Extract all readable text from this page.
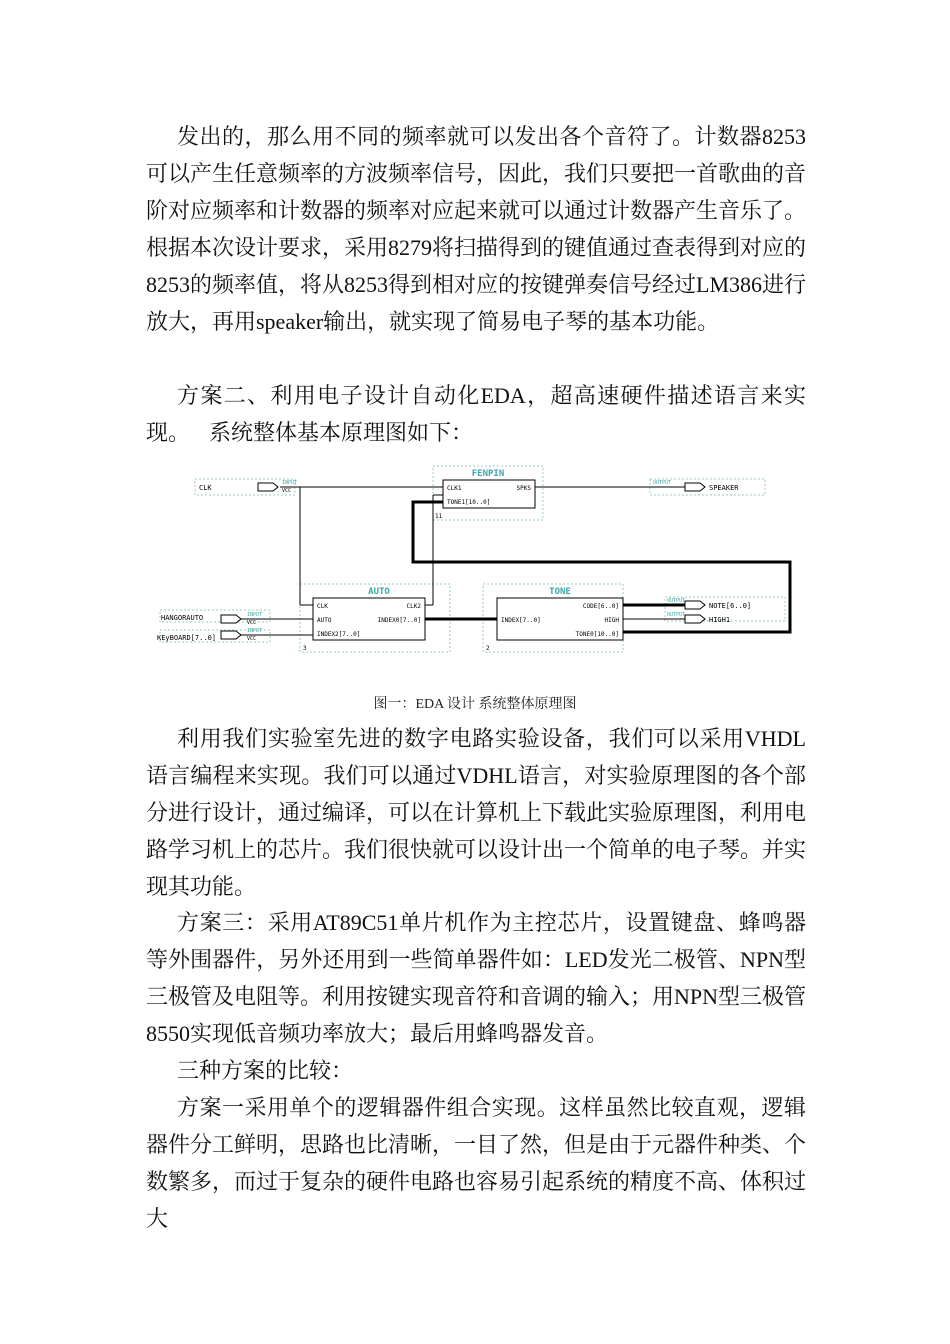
发出的，那么用不同的频率就可以发出各个音符了。计数器8253可以产生任意频率的方波频率信号，因此，我们只要把一首歌曲的音阶对应频率和计数器的频率对应起来就可以通过计数器产生音乐了。根据本次设计要求，采用8279将扫描得到的键值通过查表得到对应的8253的频率值，将从8253得到相对应的按键弹奏信号经过LM386进行放大，再用speaker输出，就实现了简易电子琴的基本功能。

方案二、利用电子设计自动化EDA，超高速硬件描述语言来实现。 系统整体基本原理图如下：

FENPIN
CLK1
TONE1[10..0]
SPKS
11
AUTO
CLK
AUTO
INDEX2[7..0]
CLK2
INDEX0[7..0]
3
TONE
INDEX[7..0]
CODE[6..0]
HIGH
TONE0[10..0]
2
CLK
INPUT
VCC
HANGORAUTO	INPUT
VCC
KEyBOARD[7..0]
INPUT
VCC
OUTPUT
SPEAKER
OUTPUT
NOTE[6..0]
OUTPUT
HIGH1
图一：EDA 设计 系统整体原理图

利用我们实验室先进的数字电路实验设备，我们可以采用VHDL语言编程来实现。我们可以通过VDHL语言，对实验原理图的各个部分进行设计，通过编译，可以在计算机上下载此实验原理图，利用电路学习机上的芯片。我们很快就可以设计出一个简单的电子琴。并实现其功能。

方案三：采用AT89C51单片机作为主控芯片，设置键盘、蜂鸣器等外围器件，另外还用到一些简单器件如：LED发光二极管、NPN型三极管及电阻等。利用按键实现音符和音调的输入；用NPN型三极管8550实现低音频功率放大；最后用蜂鸣器发音。

三种方案的比较：

方案一采用单个的逻辑器件组合实现。这样虽然比较直观，逻辑器件分工鲜明，思路也比清晰，一目了然，但是由于元器件种类、个数繁多，而过于复杂的硬件电路也容易引起系统的精度不高、体积过大
